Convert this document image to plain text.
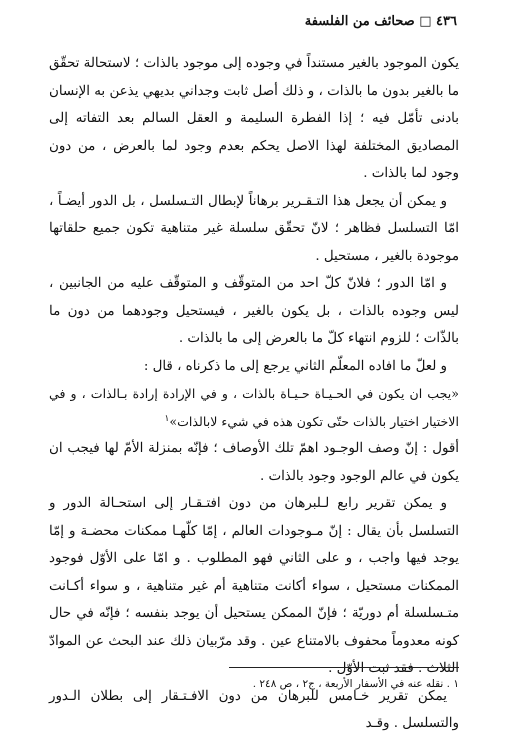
٤٣٦ □ صحائف من الفلسفة

يكون الموجود بالغير مستنداً في وجوده إلى موجود بالذات ؛ لاستحالة تحقّق ما بالغير بدون ما بالذات ، و ذلك أصل ثابت وجداني بديهي يذعن به الإنسان بادنى تأمّل فيه ؛ إذا الفطرة السليمة و العقل السالم بعد التفاته إلى المصاديق المختلفة لهذا الاصل يحكم بعدم وجود لما بالعرض ، من دون وجود لما بالذات .

و يمكن أن يجعل هذا التـقـرير برهاناً لإبطال التـسلسل ، بل الدور أيضـاً ، امّا التسلسل فظاهر ؛ لانّ تحقّق سلسلة غير متناهية تكون جميع حلقاتها موجودة بالغير ، مستحيل .

و امّا الدور ؛ فلانّ كلّ احد من المتوقّف و المتوقّف عليه من الجانبين ، ليس وجوده بالذات ، بل يكون بالغير ، فيستحيل وجودهما من دون ما بالذّات ؛ للزوم انتهاء كلّ ما بالعرض إلى ما بالذات .

و لعلّ ما افاده المعلّم الثاني يرجع إلى ما ذكرناه ، قال :

«يجب ان يكون في الحـيـاة حـيـاة بالذات ، و في الإرادة إرادة بـالذات ، و في الاختيار اختيار بالذات حتّى تكون هذه في شيء لابالذات»$^١$

أقول : إنّ وصف الوجـود اهمّ تلك الأوصاف ؛ فإنّه بمنزلة الأمّ لها فيجب ان يكون في عالم الوجود وجود بالذات .

و يمكن تقرير رابع لـلبرهان من دون افتـقـار إلى استحـالة الدور و التسلسل بأن يقال : إنّ مـوجودات العالم ، إمّا كلّهـا ممكنات محضـة و إمّا يوجد فيها واجب ، و على الثاني فهو المطلوب . و امّا على الأوّل فوجود الممكنات مستحيل ، سواء أكانت متناهية أم غير متناهية ، و سواء أكـانت متـسلسلة أم دوريّة ؛ فإنّ الممكن يستحيل أن يوجد بنفسه ؛ فإنّه في حال كونه معدوماً محفوف بالامتناع عين . وقد مرّبيان ذلك عند البحث عن الموادّ الثلاث . فقد ثبت الأوّل .

يمكن تقرير خـامس للبرهان من دون الافـتـقار إلى بطلان الـدور والتسلسل . وقـد

١ . نقله عنه في الأسفار الأربعة ، ج٢ ، ص ٢٤٨ .
